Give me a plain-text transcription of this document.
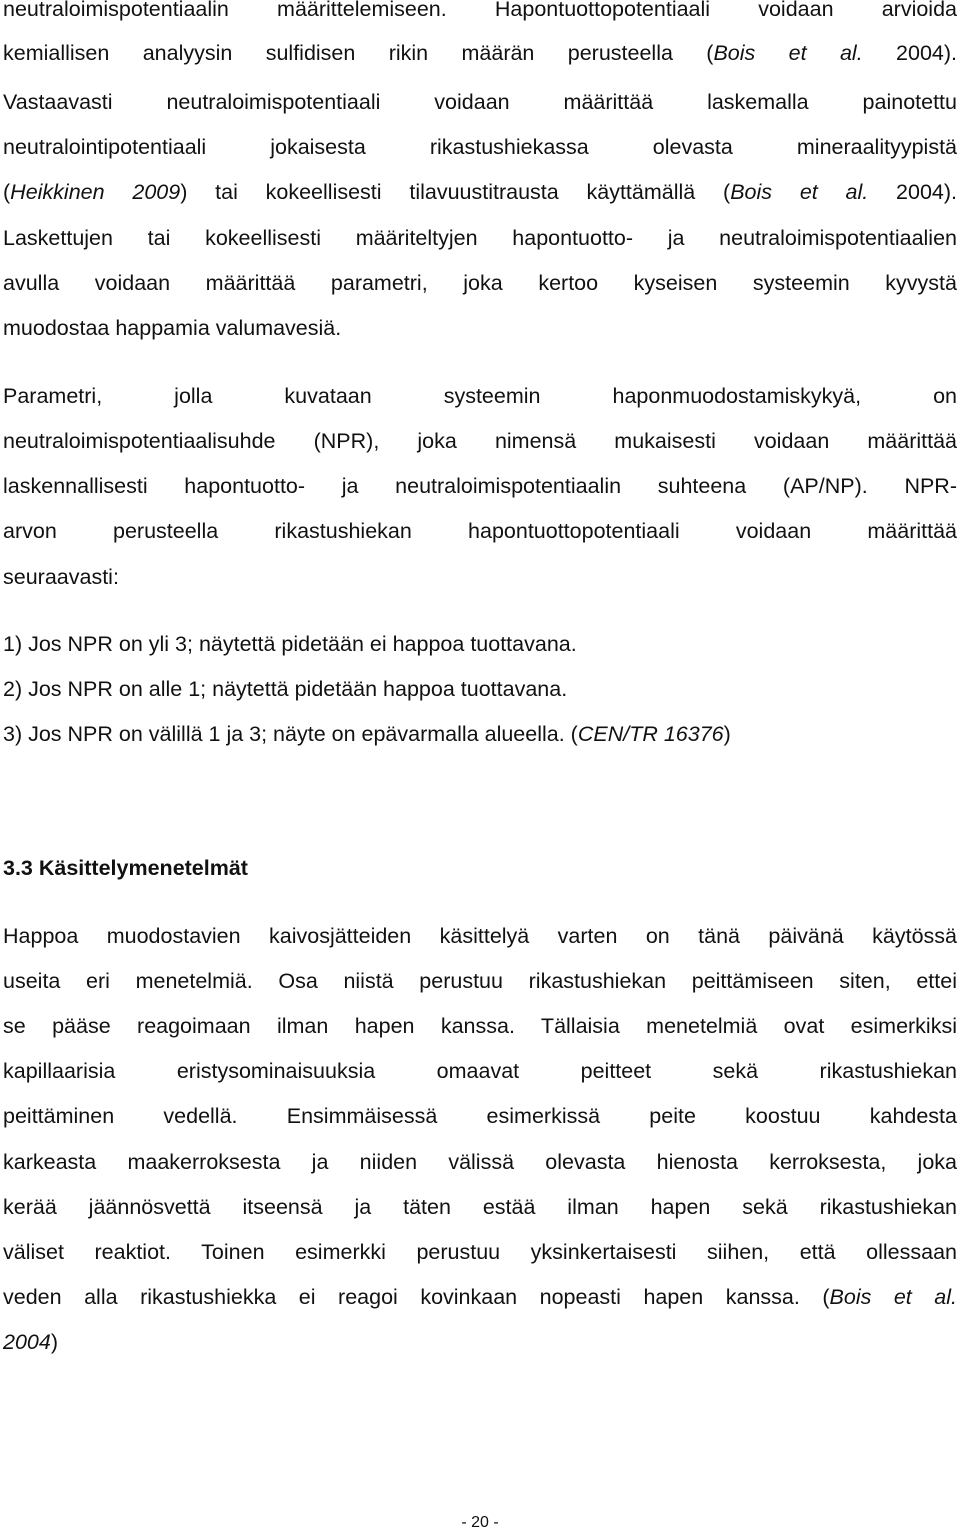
neutraloimispotentiaalin määrittelemiseen. Hapontuottopotentiaali voidaan arvioida
kemiallisen analyysin sulfidisen rikin määrän perusteella (Bois et al. 2004).
Vastaavasti neutraloimispotentiaali voidaan määrittää laskemalla painotettu
neutralointipotentiaali jokaisesta rikastushiekassa olevasta mineraalityypistä
(Heikkinen 2009) tai kokeellisesti tilavuustitrausta käyttämällä (Bois et al. 2004).
Laskettujen tai kokeellisesti määriteltyjen hapontuotto- ja neutraloimispotentiaalien
avulla voidaan määrittää parametri, joka kertoo kyseisen systeemin kyvystä
muodostaa happamia valumavesiä.
Parametri, jolla kuvataan systeemin haponmuodostamiskykyä, on
neutraloimispotentiaalisuhde (NPR), joka nimensä mukaisesti voidaan määrittää
laskennallisesti hapontuotto- ja neutraloimispotentiaalin suhteena (AP/NP). NPR-
arvon perusteella rikastushiekan hapontuottopotentiaali voidaan määrittää
seuraavasti:
1) Jos NPR on yli 3; näytettä pidetään ei happoa tuottavana.
2) Jos NPR on alle 1; näytettä pidetään happoa tuottavana.
3) Jos NPR on välillä 1 ja 3; näyte on epävarmalla alueella. (CEN/TR 16376)
3.3 Käsittelymenetelmät
Happoa muodostavien kaivosjätteiden käsittelyä varten on tänä päivänä käytössä
useita eri menetelmiä. Osa niistä perustuu rikastushiekan peittämiseen siten, ettei
se pääse reagoimaan ilman hapen kanssa. Tällaisia menetelmiä ovat esimerkiksi
kapillaarisia eristysominaisuuksia omaavat peitteet sekä rikastushiekan
peittäminen vedellä. Ensimmäisessä esimerkissä peite koostuu kahdesta
karkeasta maakerroksesta ja niiden välissä olevasta hienosta kerroksesta, joka
kerää jäännösvettä itseensä ja täten estää ilman hapen sekä rikastushiekan
väliset reaktiot. Toinen esimerkki perustuu yksinkertaisesti siihen, että ollessaan
veden alla rikastushiekka ei reagoi kovinkaan nopeasti hapen kanssa. (Bois et al.
2004)
- 20 -
